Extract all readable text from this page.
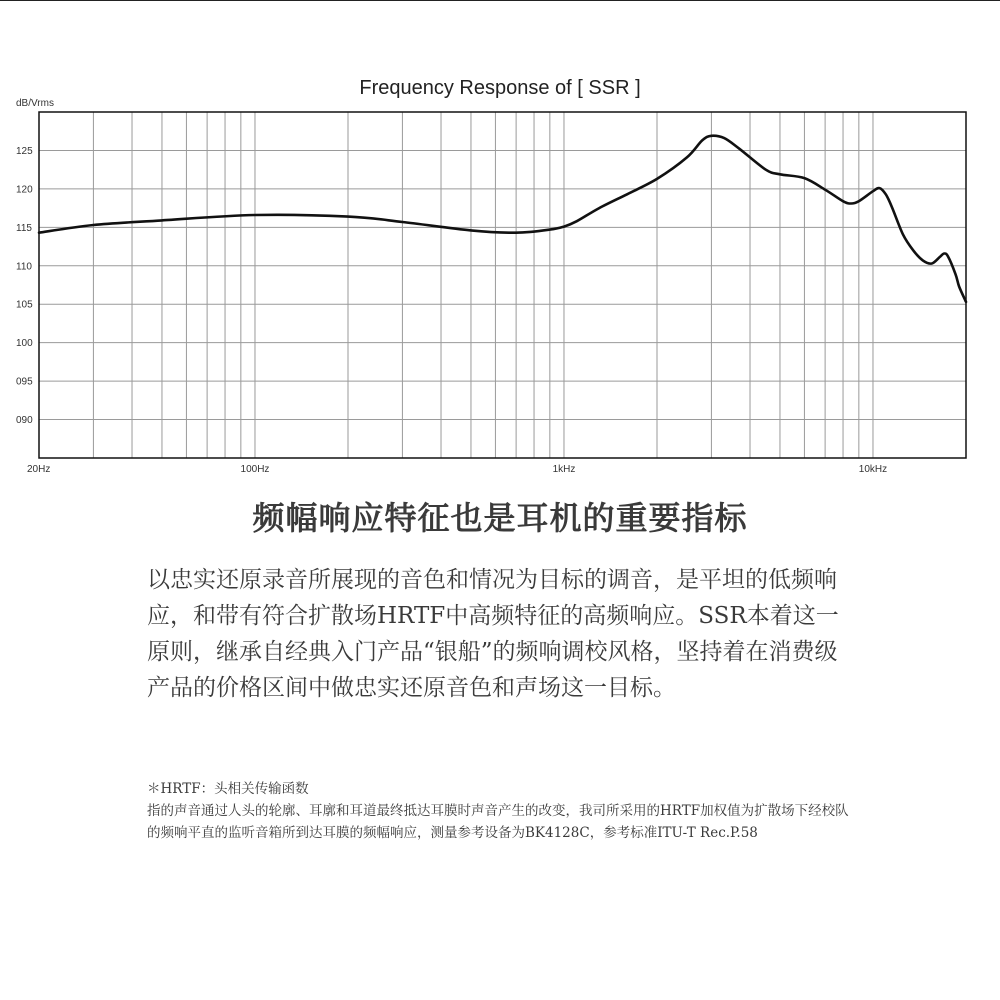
Frequency Response of [ SSR ]
dB/Vrms
125
120
115
110
105
100
095
090
20Hz	100Hz	1kHz	10kHz
频幅响应特征也是耳机的重要指标

以忠实还原录音所展现的音色和情况为目标的调音，是平坦的低频响应，和带有符合扩散场HRTF中高频特征的高频响应。SSR本着这一原则，继承自经典入门产品“银船”的频响调校风格，坚持着在消费级产品的价格区间中做忠实还原音色和声场这一目标。

＊HRTF：头相关传输函数
指的声音通过人头的轮廓、耳廓和耳道最终抵达耳膜时声音产生的改变，我司所采用的HRTF加权值为扩散场下经校队的频响平直的监听音箱所到达耳膜的频幅响应，测量参考设备为BK4128C，参考标准ITU-T Rec.P.58
